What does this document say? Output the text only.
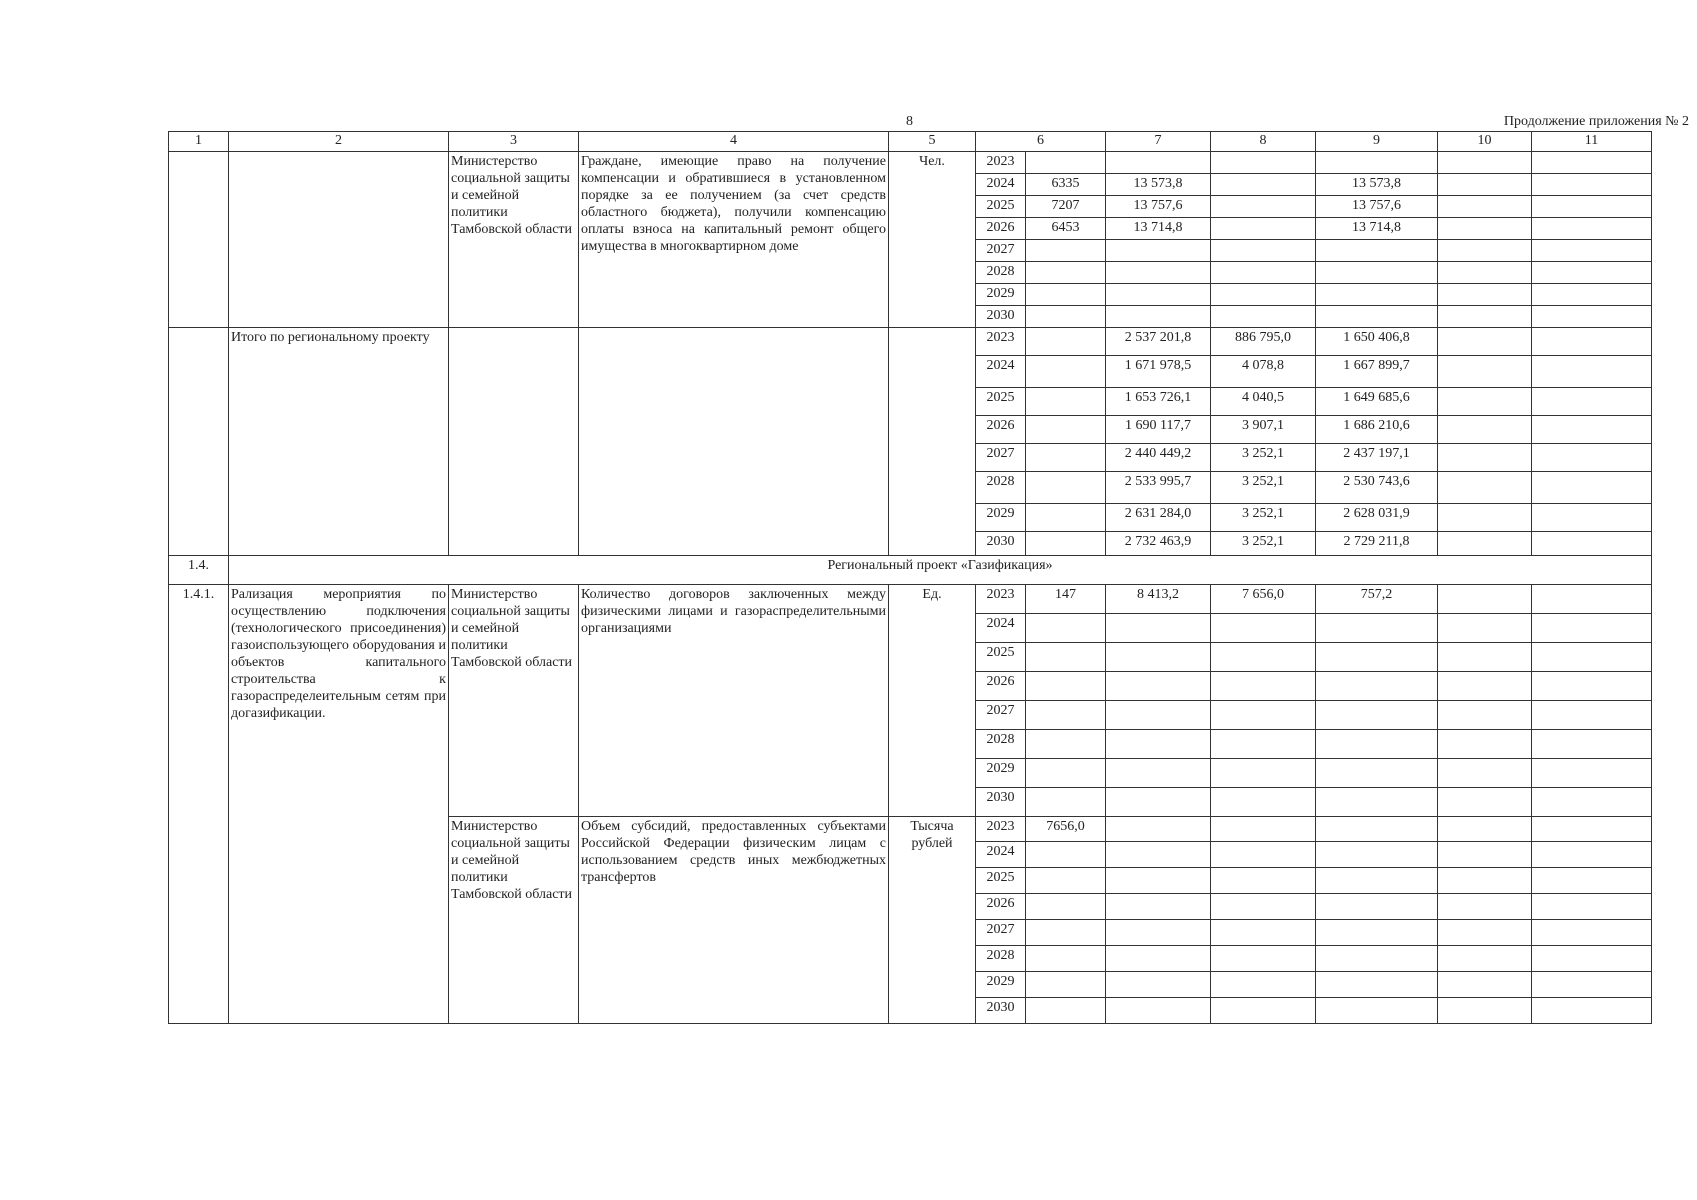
8	Продолжение приложения № 2
1	2	3	4	5	6		7	8	9	10	11
		Министерство социальной защиты и семейной политики Тамбовской области	Граждане, имеющие право на получение компенсации и обратившиеся в установленном порядке за ее получением (за счет средств областного бюджета), получили компенсацию оплаты взноса на капитальный ремонт общего имущества в многоквартирном доме	Чел.	2023						
					2024	6335	13 573,8		13 573,8		
					2025	7207	13 757,6		13 757,6		
					2026	6453	13 714,8		13 714,8		
					2027						
					2028						
					2029						
					2030						
	Итого по региональному проекту				2023		2 537 201,8	886 795,0	1 650 406,8		
					2024		1 671 978,5	4 078,8	1 667 899,7		
					2025		1 653 726,1	4 040,5	1 649 685,6		
					2026		1 690 117,7	3 907,1	1 686 210,6		
					2027		2 440 449,2	3 252,1	2 437 197,1		
					2028		2 533 995,7	3 252,1	2 530 743,6		
					2029		2 631 284,0	3 252,1	2 628 031,9		
					2030		2 732 463,9	3 252,1	2 729 211,8		
1.4.	Региональный проект «Газификация»										
1.4.1.	Рализация мероприятия по осуществлению подключения (технологического присоединения) газоиспользующего оборудования и объектов капитального строительства к газораспределеительным сетям при догазификации.	Министерство социальной защиты и семейной политики Тамбовской области	Количество договоров заключенных между физическими лицами и газораспределительными организациями	Ед.	2023	147	8 413,2	7 656,0	757,2		
					2024						
					2025						
					2026						
					2027						
					2028						
					2029						
					2030						
		Министерство социальной защиты и семейной политики Тамбовской области	Объем субсидий, предоставленных субъектами Российской Федерации физическим лицам с использованием средств иных межбюджетных трансфертов	Тысяча рублей	2023	7656,0					
					2024						
					2025						
					2026						
					2027						
					2028						
					2029						
					2030						
